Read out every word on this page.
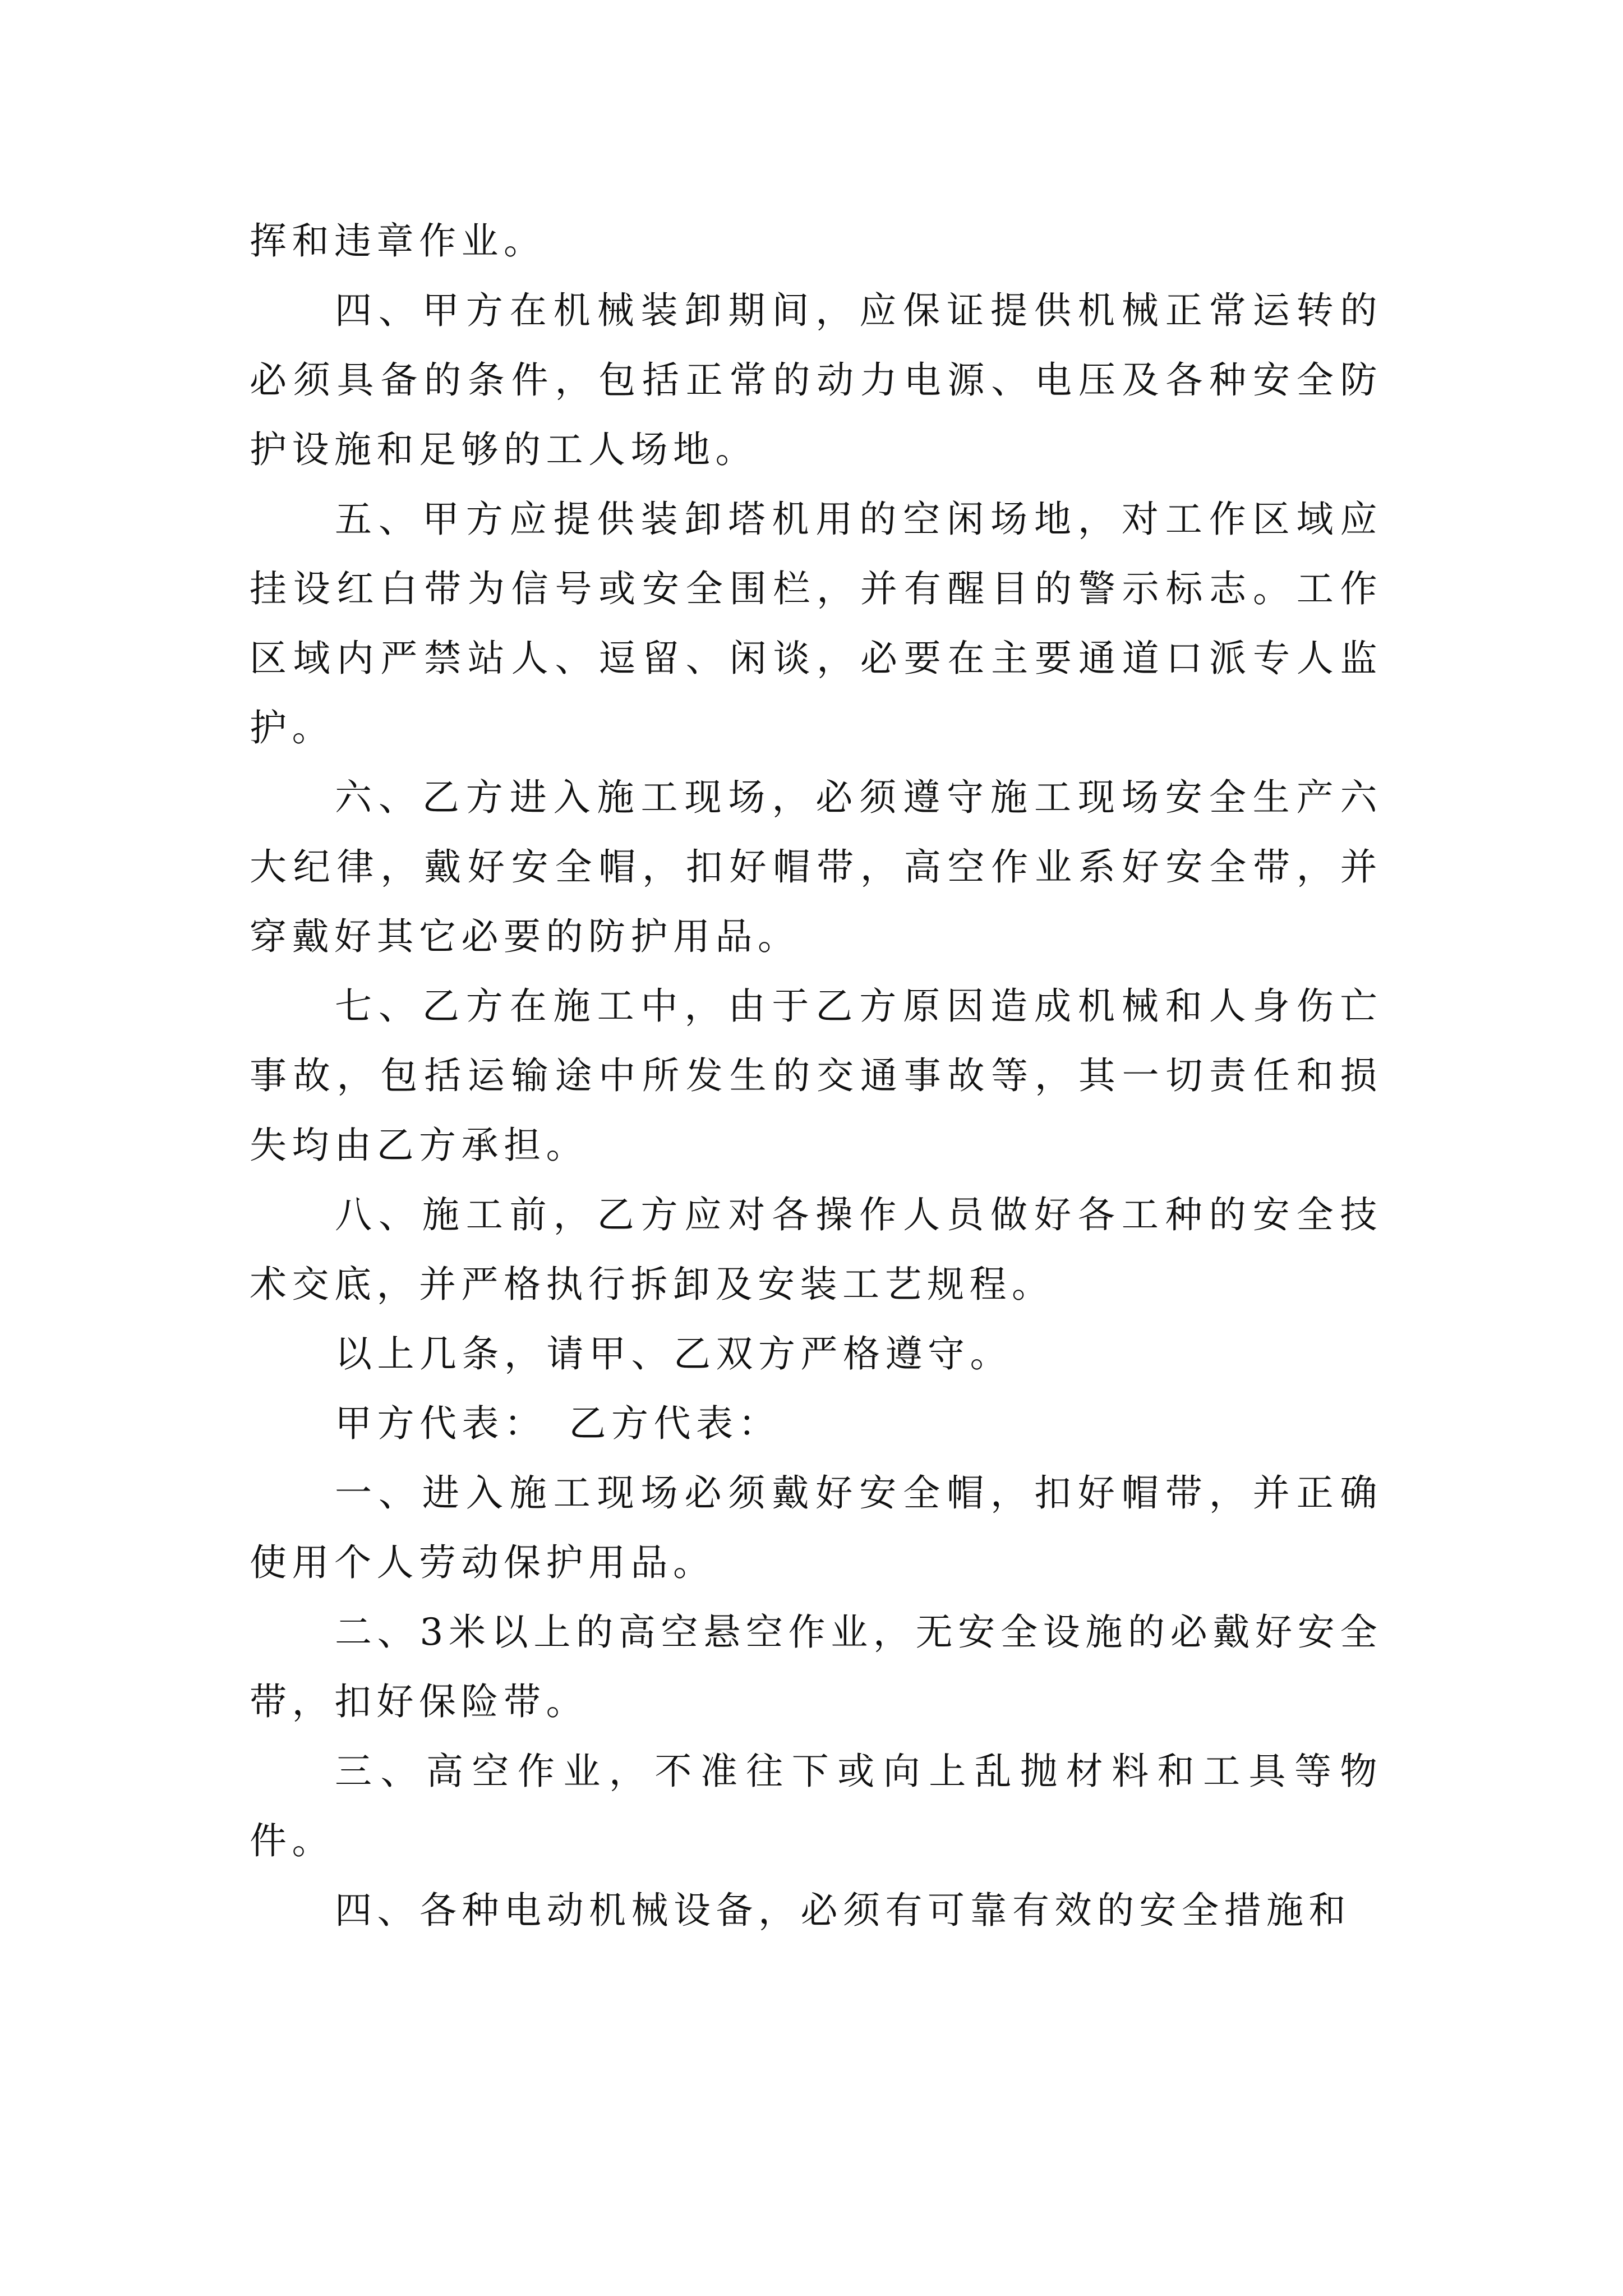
挥和违章作业。

四、甲方在机械装卸期间，应保证提供机械正常运转的必须具备的条件，包括正常的动力电源、电压及各种安全防护设施和足够的工人场地。

五、甲方应提供装卸塔机用的空闲场地，对工作区域应挂设红白带为信号或安全围栏，并有醒目的警示标志。工作区域内严禁站人、逗留、闲谈，必要在主要通道口派专人监护。

六、乙方进入施工现场，必须遵守施工现场安全生产六大纪律，戴好安全帽，扣好帽带，高空作业系好安全带，并穿戴好其它必要的防护用品。

七、乙方在施工中，由于乙方原因造成机械和人身伤亡事故，包括运输途中所发生的交通事故等，其一切责任和损失均由乙方承担。

八、施工前，乙方应对各操作人员做好各工种的安全技术交底，并严格执行拆卸及安装工艺规程。

以上几条，请甲、乙双方严格遵守。

甲方代表： 乙方代表：

一、进入施工现场必须戴好安全帽，扣好帽带，并正确使用个人劳动保护用品。

二、3米以上的高空悬空作业，无安全设施的必戴好安全带，扣好保险带。

三、高空作业，不准往下或向上乱抛材料和工具等物件。

四、各种电动机械设备，必须有可靠有效的安全措施和
